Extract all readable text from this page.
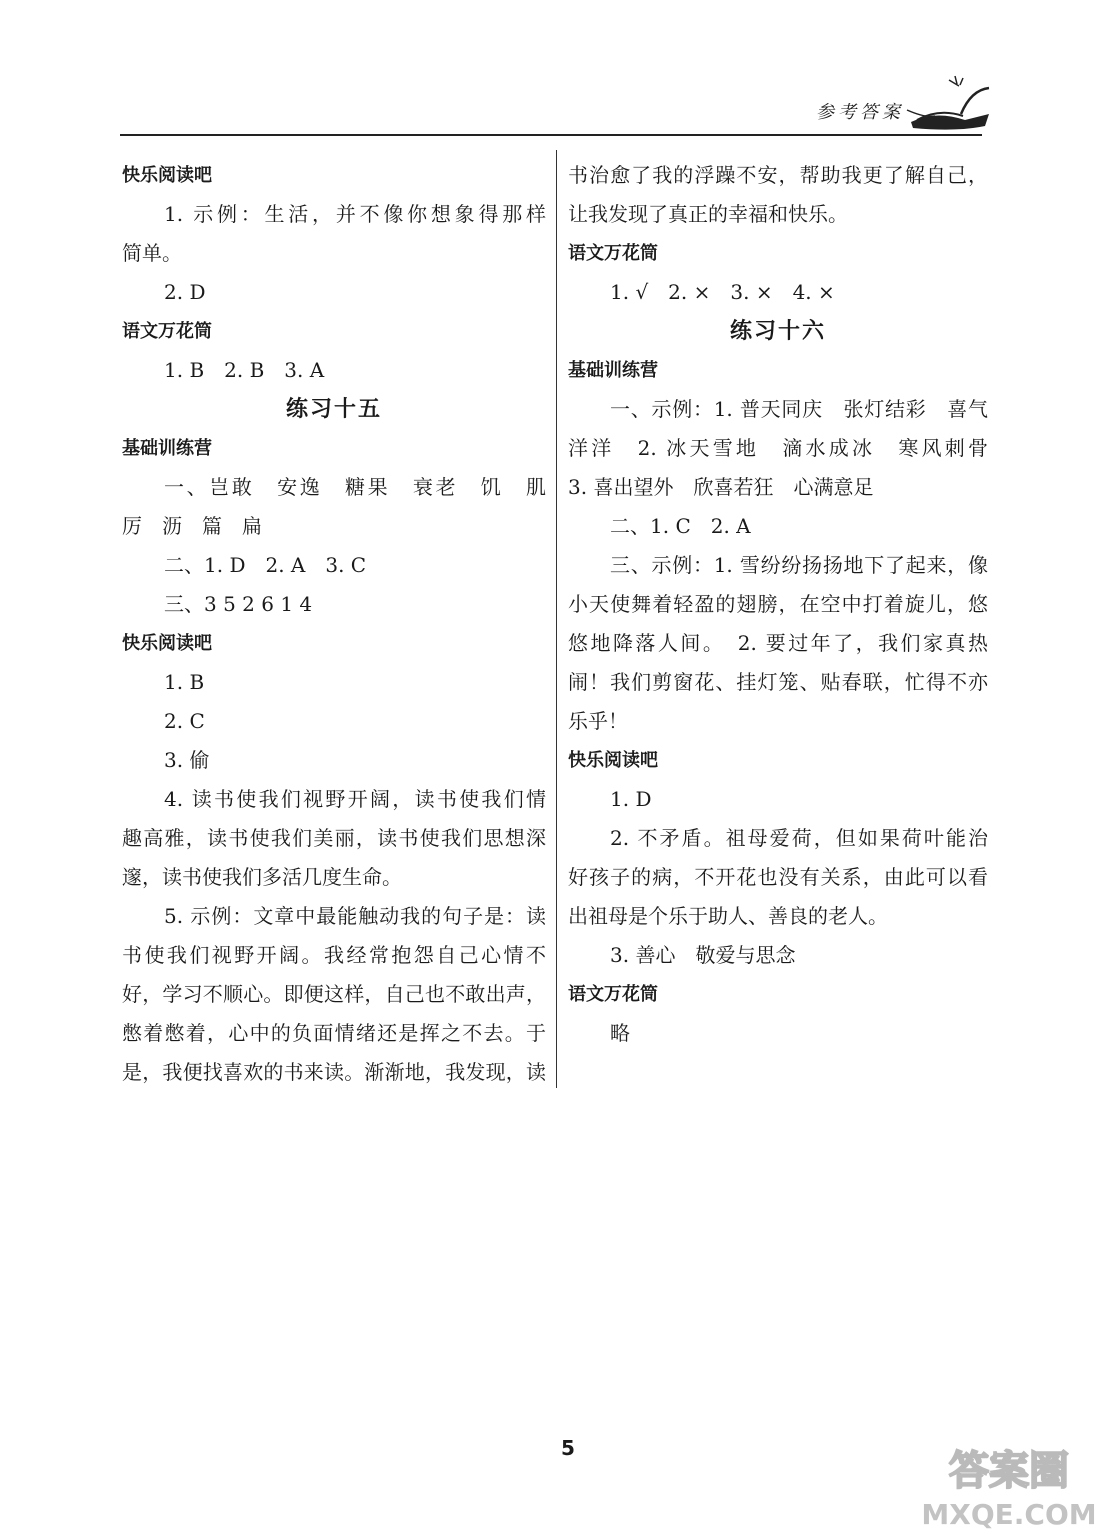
参考答案
快乐阅读吧
1. 示例：生活，并不像你想象得那样
简单。
2. D
语文万花筒
1. B　2. B　3. A
练习十五
基础训练营
一、岂敢　安逸　糖果　衰老　饥　肌
厉　沥　篇　扁
二、1. D　2. A　3. C
三、3 5 2 6 1 4
快乐阅读吧
1. B
2. C
3. 偷
4. 读书使我们视野开阔，读书使我们情
趣高雅，读书使我们美丽，读书使我们思想深
邃，读书使我们多活几度生命。
5. 示例：文章中最能触动我的句子是：读
书使我们视野开阔。我经常抱怨自己心情不
好，学习不顺心。即便这样，自己也不敢出声，
憋着憋着，心中的负面情绪还是挥之不去。于
是，我便找喜欢的书来读。渐渐地，我发现，读
书治愈了我的浮躁不安，帮助我更了解自己，
让我发现了真正的幸福和快乐。
语文万花筒
1. √　2. ×　3. ×　4. ×
练习十六
基础训练营
一、示例：1. 普天同庆　张灯结彩　喜气
洋洋　2. 冰天雪地　滴水成冰　寒风刺骨
3. 喜出望外　欣喜若狂　心满意足
二、1. C　2. A
三、示例：1. 雪纷纷扬扬地下了起来，像
小天使舞着轻盈的翅膀，在空中打着旋儿，悠
悠地降落人间。　2. 要过年了，我们家真热
闹！我们剪窗花、挂灯笼、贴春联，忙得不亦
乐乎！
快乐阅读吧
1. D
2. 不矛盾。祖母爱荷，但如果荷叶能治
好孩子的病，不开花也没有关系，由此可以看
出祖母是个乐于助人、善良的老人。
3. 善心　敬爱与思念
语文万花筒
略
5	答案圈
MXQE.COM
